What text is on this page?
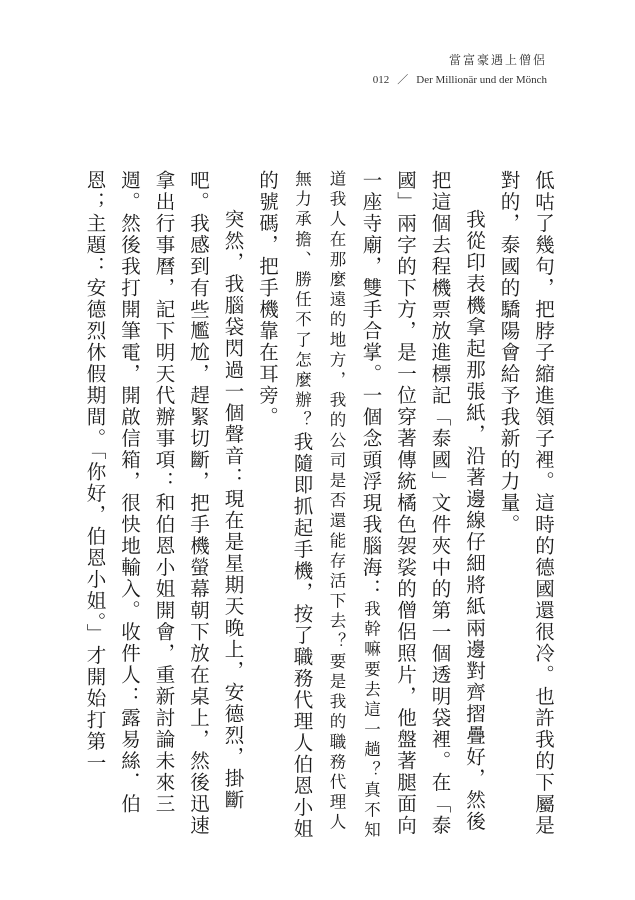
當富豪遇上僧侶
012 ／ Der Millionär und der Mönch

低咕了幾句，把脖子縮進領子裡。這時的德國還很冷。也許我的下屬是對的，泰國的驕陽會給予我新的力量。

我從印表機拿起那張紙，沿著邊線仔細將紙兩邊對齊摺疊好，然後把這個去程機票放進標記「泰國」文件夾中的第一個透明袋裡。在「泰國」兩字的下方，是一位穿著傳統橘色袈裟的僧侶照片，他盤著腿面向一座寺廟，雙手合掌。一個念頭浮現我腦海：我幹嘛要去這一趟？真不知道我人在那麼遠的地方，我的公司是否還能存活下去？要是我的職務代理人無力承擔、勝任不了怎麼辦？我隨即抓起手機，按了職務代理人伯恩小姐的號碼，把手機靠在耳旁。

突然，我腦袋閃過一個聲音：現在是星期天晚上，安德烈，掛斷吧。我感到有些尷尬，趕緊切斷，把手機螢幕朝下放在桌上，然後迅速拿出行事曆，記下明天代辦事項：和伯恩小姐開會，重新討論未來三週。然後我打開筆電，開啟信箱，很快地輸入。收件人：露易絲．伯恩；主題：安德烈休假期間。「你好，伯恩小姐。」才開始打第一
